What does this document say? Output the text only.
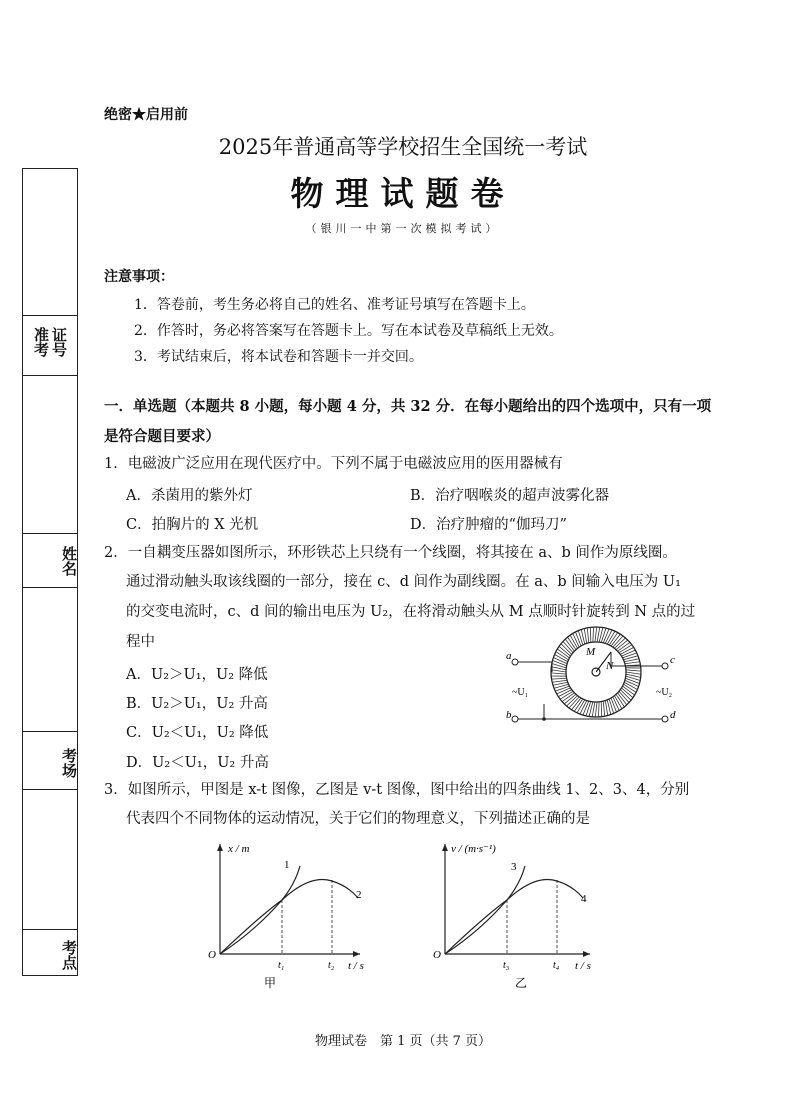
绝密★启用前
2025年普通高等学校招生全国统一考试
物理试题卷
（银川一中第一次模拟考试）
注意事项：
1．答卷前，考生务必将自己的姓名、准考证号填写在答题卡上。
2．作答时，务必将答案写在答题卡上。写在本试卷及草稿纸上无效。
3．考试结束后，将本试卷和答题卡一并交回。
一．单选题（本题共 8 小题，每小题 4 分，共 32 分．在每小题给出的四个选项中，只有一项是符合题目要求）
1．电磁波广泛应用在现代医疗中。下列不属于电磁波应用的医用器械有
A．杀菌用的紫外灯	B．治疗咽喉炎的超声波雾化器
C．拍胸片的 X 光机	D．治疗肿瘤的“伽玛刀”
2．一自耦变压器如图所示，环形铁芯上只绕有一个线圈，将其接在 a、b 间作为原线圈。
通过滑动触头取该线圈的一部分，接在 c、d 间作为副线圈。在 a、b 间输入电压为 U₁
的交变电流时，c、d 间的输出电压为 U₂，在将滑动触头从 M 点顺时针旋转到 N 点的过
程中
A．U₂＞U₁，U₂ 降低
B．U₂＞U₁，U₂ 升高
C．U₂＜U₁，U₂ 降低
D．U₂＜U₁，U₂ 升高
M
N
a
b
c
d
~U₁	~U₂
3．如图所示，甲图是 x-t 图像，乙图是 v-t 图像，图中给出的四条曲线 1、2、3、4，分别
代表四个不同物体的运动情况，关于它们的物理意义，下列描述正确的是
x / m
t / s
O
1
2
t₁	t₂
甲
v / (m·s⁻¹)
t / s
O
3
4
t₃	t₄
乙
准考 证号
姓名
考场
考点
物理试卷　第 1 页（共 7 页）
